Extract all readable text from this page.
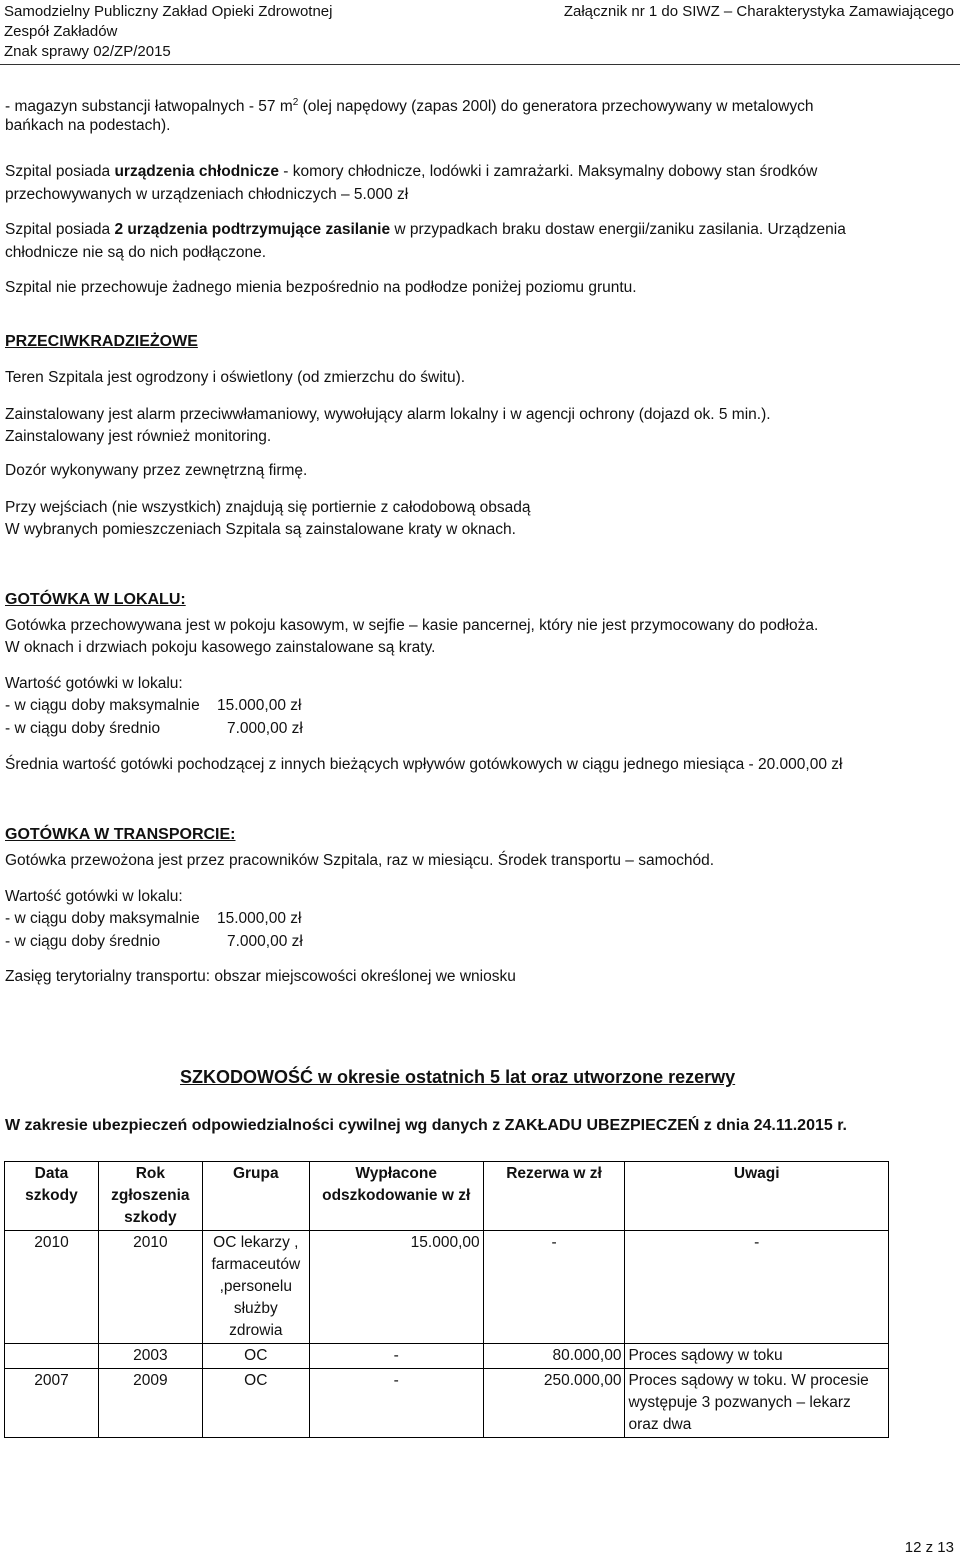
Samodzielny Publiczny Zakład Opieki Zdrowotnej
Zespół Zakładów
Znak sprawy 02/ZP/2015
Załącznik nr 1 do SIWZ – Charakterystyka Zamawiającego
- magazyn substancji łatwopalnych - 57 $m^2$ (olej napędowy (zapas 200l) do generatora przechowywany w metalowych
bańkach na podestach).
Szpital posiada urządzenia chłodnicze - komory chłodnicze, lodówki i zamrażarki. Maksymalny dobowy stan środków
przechowywanych w urządzeniach chłodniczych – 5.000 zł
Szpital posiada 2 urządzenia podtrzymujące zasilanie w przypadkach braku dostaw energii/zaniku zasilania. Urządzenia
chłodnicze nie są do nich podłączone.
Szpital nie przechowuje żadnego mienia bezpośrednio na podłodze poniżej poziomu gruntu.
PRZECIWKRADZIEŻOWE
Teren Szpitala jest ogrodzony i oświetlony (od zmierzchu do świtu).
Zainstalowany jest alarm przeciwwłamaniowy, wywołujący alarm lokalny i w agencji ochrony (dojazd ok. 5 min.).
Zainstalowany jest również monitoring.
Dozór wykonywany przez zewnętrzną firmę.
Przy wejściach (nie wszystkich) znajdują się portiernie z całodobową obsadą
W wybranych pomieszczeniach Szpitala są zainstalowane kraty w oknach.
GOTÓWKA W LOKALU:
Gotówka przechowywana jest w pokoju kasowym, w sejfie – kasie pancernej, który nie jest przymocowany do podłoża.
W oknach i drzwiach pokoju kasowego zainstalowane są kraty.
Wartość gotówki w lokalu:
- w ciągu doby maksymalnie 15.000,00 zł
- w ciągu doby średnio	7.000,00 zł
Średnia wartość gotówki pochodzącej z innych bieżących wpływów gotówkowych w ciągu jednego miesiąca - 20.000,00 zł
GOTÓWKA W TRANSPORCIE:
Gotówka przewożona jest przez pracowników Szpitala, raz w miesiącu. Środek transportu – samochód.
Wartość gotówki w lokalu:
- w ciągu doby maksymalnie 15.000,00 zł
- w ciągu doby średnio	7.000,00 zł
Zasięg terytorialny transportu: obszar miejscowości określonej we wniosku
SZKODOWOŚĆ w okresie ostatnich 5 lat oraz utworzone rezerwy
W zakresie ubezpieczeń odpowiedzialności cywilnej wg danych z ZAKŁADU UBEZPIECZEŃ z dnia 24.11.2015 r.
Data szkody	Rok zgłoszenia szkody	Grupa	Wypłacone odszkodowanie w zł	Rezerwa w zł	Uwagi
2010	2010	OC lekarzy , farmaceutów ,personelu służby zdrowia	15.000,00	-	-
	2003	OC	-	80.000,00	Proces sądowy w toku
2007	2009	OC	-	250.000,00	Proces sądowy w toku. W procesie występuje 3 pozwanych – lekarz oraz dwa
12 z 13
